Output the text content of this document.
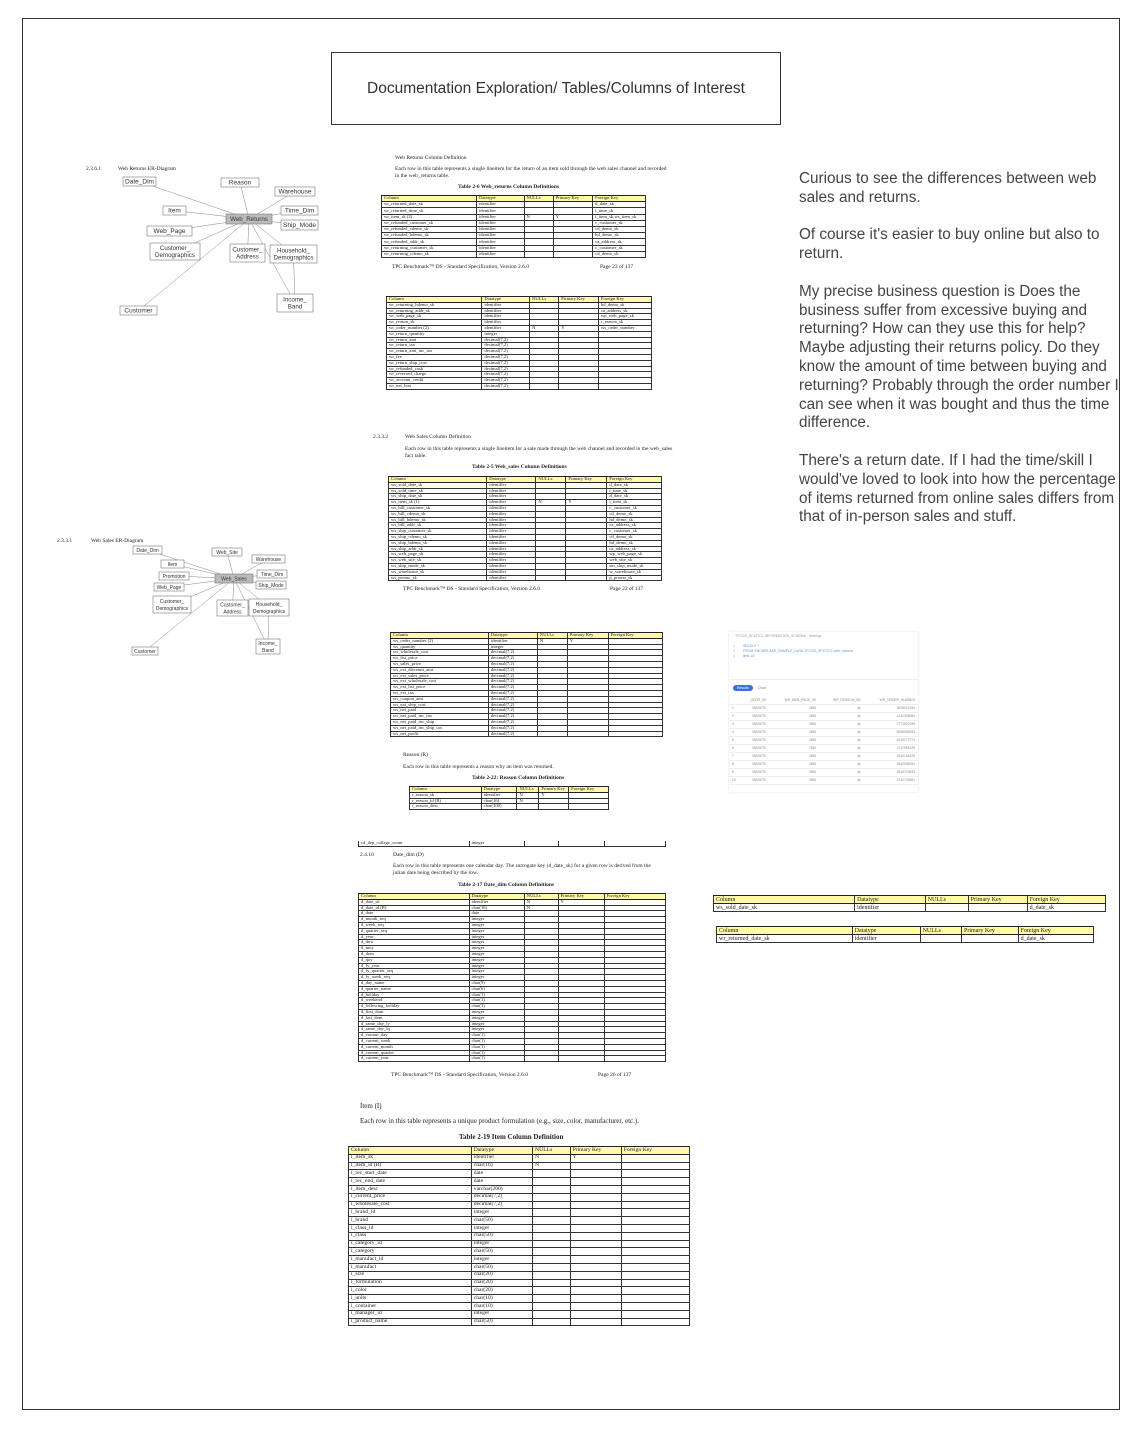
Documentation Exploration/ Tables/Columns of Interest
2.3.6.1	Web Returns ER-Diagram
Date_Dim	Reason
Warehouse
Item	Time_Dim
Ship_Mode
Web_Page
Customer_
Demographics
Customer_
Address
Household_
Demographics
Income_
Band
Customer
Web_Returns
2.3.3.1	Web Sales ER-Diagram
Date_Dim	Web_Site
Warehouse
Item
Promotion	Time_Dim
Web_Page	Ship_Mode
Customer_
Demographics
Customer_
Address
Household_
Demographics
Income_
Band
Customer
Web_Sales
Web Returns Column Definition
Each row in this table represents a single lineitem for the return of an item sold through the web sales channel and recorded in the web_returns table.
Table 2-6 Web_returns Column Definitions
Column	Datatype	NULLs	Primary Key	Foreign Key
wr_returned_date_sk	identifier			d_date_sk
wr_returned_time_sk	identifier			t_time_sk
wr_item_sk (2)	identifier	N	Y	i_item_sk,ws_item_sk
wr_refunded_customer_sk	identifier			c_customer_sk
wr_refunded_cdemo_sk	identifier			cd_demo_sk
wr_refunded_hdemo_sk	identifier			hd_demo_sk
wr_refunded_addr_sk	identifier			ca_address_sk
wr_returning_customer_sk	identifier			c_customer_sk
wr_returning_cdemo_sk	identifier			cd_demo_sk
TPC Benchmark™ DS - Standard Specification, Version 2.6.0	Page 23 of 137
Column	Datatype	NULLs	Primary Key	Foreign Key
wr_returning_hdemo_sk	identifier			hd_demo_sk
wr_returning_addr_sk	identifier			ca_address_sk
wr_web_page_sk	identifier			wp_web_page_sk
wr_reason_sk	identifier			r_reason_sk
wr_order_number (2)	identifier	N	Y	ws_order_number
wr_return_quantity	integer			
wr_return_amt	decimal(7,2)			
wr_return_tax	decimal(7,2)			
wr_return_amt_inc_tax	decimal(7,2)			
wr_fee	decimal(7,2)			
wr_return_ship_cost	decimal(7,2)			
wr_refunded_cash	decimal(7,2)			
wr_reversed_charge	decimal(7,2)			
wr_account_credit	decimal(7,2)			
wr_net_loss	decimal(7,2)			
2.3.3.2	Web Sales Column Definition
Each row in this table represents a single lineitem for a sale made through the web channel and recorded in the web_sales fact table.
Table 2-5 Web_sales Column Definitions
Column	Datatype	NULLs	Primary Key	Foreign Key
ws_sold_date_sk	identifier			d_date_sk
ws_sold_time_sk	identifier			t_time_sk
ws_ship_date_sk	identifier			d_date_sk
ws_item_sk (1)	identifier	N	Y	i_item_sk
ws_bill_customer_sk	identifier			c_customer_sk
ws_bill_cdemo_sk	identifier			cd_demo_sk
ws_bill_hdemo_sk	identifier			hd_demo_sk
ws_bill_addr_sk	identifier			ca_address_sk
ws_ship_customer_sk	identifier			c_customer_sk
ws_ship_cdemo_sk	identifier			cd_demo_sk
ws_ship_hdemo_sk	identifier			hd_demo_sk
ws_ship_addr_sk	identifier			ca_address_sk
ws_web_page_sk	identifier			wp_web_page_sk
ws_web_site_sk	identifier			web_site_sk
ws_ship_mode_sk	identifier			sm_ship_mode_sk
ws_warehouse_sk	identifier			w_warehouse_sk
ws_promo_sk	identifier			p_promo_sk
TPC Benchmark™ DS - Standard Specification, Version 2.6.0	Page 22 of 137
Column	Datatype	NULLs	Primary Key	Foreign Key
ws_order_number (2)	identifier	N	Y	
ws_quantity	integer			
ws_wholesale_cost	decimal(7,2)			
ws_list_price	decimal(7,2)			
ws_sales_price	decimal(7,2)			
ws_ext_discount_amt	decimal(7,2)			
ws_ext_sales_price	decimal(7,2)			
ws_ext_wholesale_cost	decimal(7,2)			
ws_ext_list_price	decimal(7,2)			
ws_ext_tax	decimal(7,2)			
ws_coupon_amt	decimal(7,2)			
ws_ext_ship_cost	decimal(7,2)			
ws_net_paid	decimal(7,2)			
ws_net_paid_inc_tax	decimal(7,2)			
ws_net_paid_inc_ship	decimal(7,2)			
ws_net_paid_inc_ship_tax	decimal(7,2)			
ws_net_profit	decimal(7,2)			
Reason (R)
Each row in this table represents a reason why an item was returned.
Table 2-22: Reason Column Definitions
Column	Datatype	NULLs	Primary Key	Foreign Key
r_reason_sk	identifier	N	Y	
r_reason_id (B)	char(16)	N		
r_reason_desc	char(100)			
cd_dep_college_count	integer			
2.4.10	Date_dim (D)
Each row in this table represents one calendar day. The surrogate key (d_date_sk) for a given row is derived from the julian date being described by the row.
Table 2-17 Date_dim Column Definitions
Column	Datatype	NULLs	Primary Key	Foreign Key
d_date_sk	identifier	N	Y	
d_date_id (B)	char(16)	N		
d_date	date			
d_month_seq	integer			
d_week_seq	integer			
d_quarter_seq	integer			
d_year	integer			
d_dow	integer			
d_moy	integer			
d_dom	integer			
d_qoy	integer			
d_fy_year	integer			
d_fy_quarter_seq	integer			
d_fy_week_seq	integer			
d_day_name	char(9)			
d_quarter_name	char(6)			
d_holiday	char(1)			
d_weekend	char(1)			
d_following_holiday	char(1)			
d_first_dom	integer			
d_last_dom	integer			
d_same_day_ly	integer			
d_same_day_lq	integer			
d_current_day	char(1)			
d_current_week	char(1)			
d_current_month	char(1)			
d_current_quarter	char(1)			
d_current_year	char(1)			
TPC Benchmark™ DS - Standard Specification, Version 2.6.0	Page 26 of 137
Item (I)
Each row in this table represents a unique product formulation (e.g., size, color, manufacturer, etc.).
Table 2-19 Item Column Definition
Column	Datatype	NULLs	Primary Key	Foreign Key
i_item_sk	identifier	N	Y	
i_item_id (B)	char(16)	N		
i_rec_start_date	date			
i_rec_end_date	date			
i_item_desc	varchar(200)			
i_current_price	decimal(7,2)			
i_wholesale_cost	decimal(7,2)			
i_brand_id	integer			
i_brand	char(50)			
i_class_id	integer			
i_class	char(50)			
i_category_id	integer			
i_category	char(50)			
i_manufact_id	integer			
i_manufact	char(50)			
i_size	char(20)			
i_formulation	char(20)			
i_color	char(20)			
i_units	char(10)			
i_container	char(10)			
i_manager_id	integer			
i_product_name	char(50)			
Column	Datatype	NULLs	Primary Key	Foreign Key
ws_sold_date_sk	identifier			d_date_sk
Column	Datatype	NULLs	Primary Key	Foreign Key
wr_returned_date_sk	identifier			d_date_sk

Curious to see the differences between web sales and returns.

Of course it's easier to buy online but also to return.

My precise business question is Does the business suffer from excessive buying and returning? How can they use this for help? Maybe adjusting their returns policy. Do they know the amount of time between buying and returning? Probably through the order number I can see when it was bought and thus the time difference.

There's a return date. If I had the time/skill I would've loved to look into how the percentage of items returned from online sales differs from that of in-person sales and stuff.

TPCDS_SF10TCL.INFORMATION_SCHEMA · Settings
1 SELECT *
2 FROM SNOWFLAKE_SAMPLE_DATA.TPCDS_SF10TCL.web_returns
3 limit 10;
Results	Chart
	_ADDR_SK	WR_WEB_PAGE_SK	WR_REASON_SK	WR_ORDER_NUMBER
1	35326757	4661	44	3625013784
2	35326757	4661	44	4142328084
3	35326757	3881	44	2771527059
4	35326757	4661	44	5656095053
5	35326757	4661	44	4215177274
6	35326757	7661	44	2747594329
7	35326757	4661	44	2615154825
8	35326757	4661	44	3542038254
9	35326757	3881	44	3818723833
10	35326757	3881	44	3742723881
